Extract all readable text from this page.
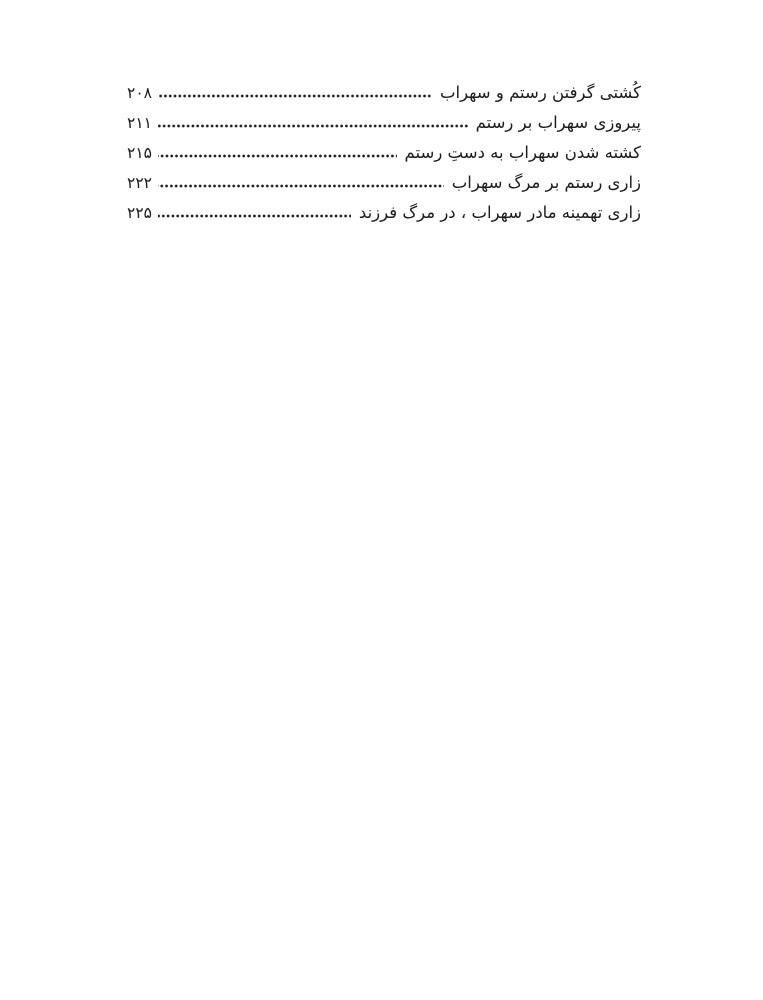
کُشتی گرفتن رستم و سهراب
۲۰۸
پیروزی سهراب بر رستم
۲۱۱
کشته شدن سهراب به دستِ رستم
۲۱۵
زاری رستم بر مرگ سهراب
۲۲۲
زاری تهمینه مادر سهراب ، در مرگ فرزند
۲۲۵
